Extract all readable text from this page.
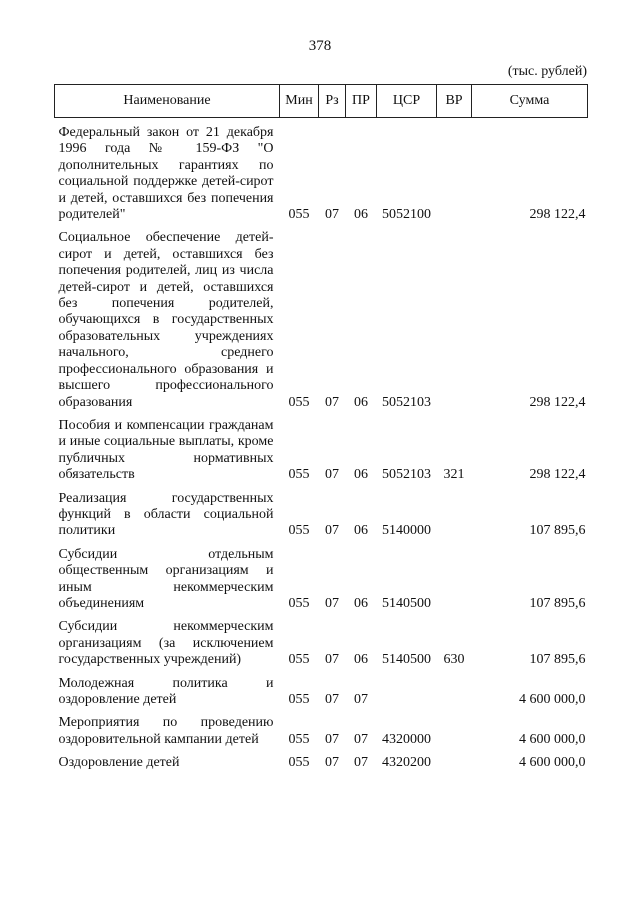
378
(тыс. рублей)
Наименование	Мин	Рз	ПР	ЦСР	ВР	Сумма
Федеральный закон от 21 декабря 1996 года № 159-ФЗ "О дополнительных гарантиях по социальной поддержке детей-сирот и детей, оставшихся без попечения родителей"	055	07	06	5052100		298 122,4
Социальное обеспечение детей-сирот и детей, оставшихся без попечения родителей, лиц из числа детей-сирот и детей, оставшихся без попечения родителей, обучающихся в государственных образовательных учреждениях начального, среднего профессионального образования и высшего профессионального образования	055	07	06	5052103		298 122,4
Пособия и компенсации гражданам и иные социальные выплаты, кроме публичных нормативных обязательств	055	07	06	5052103	321	298 122,4
Реализация государственных функций в области социальной политики	055	07	06	5140000		107 895,6
Субсидии отдельным общественным организациям и иным некоммерческим объединениям	055	07	06	5140500		107 895,6
Субсидии некоммерческим организациям (за исключением государственных учреждений)	055	07	06	5140500	630	107 895,6
Молодежная политика и оздоровление детей	055	07	07			4 600 000,0
Мероприятия по проведению оздоровительной кампании детей	055	07	07	4320000		4 600 000,0
Оздоровление детей	055	07	07	4320200		4 600 000,0
